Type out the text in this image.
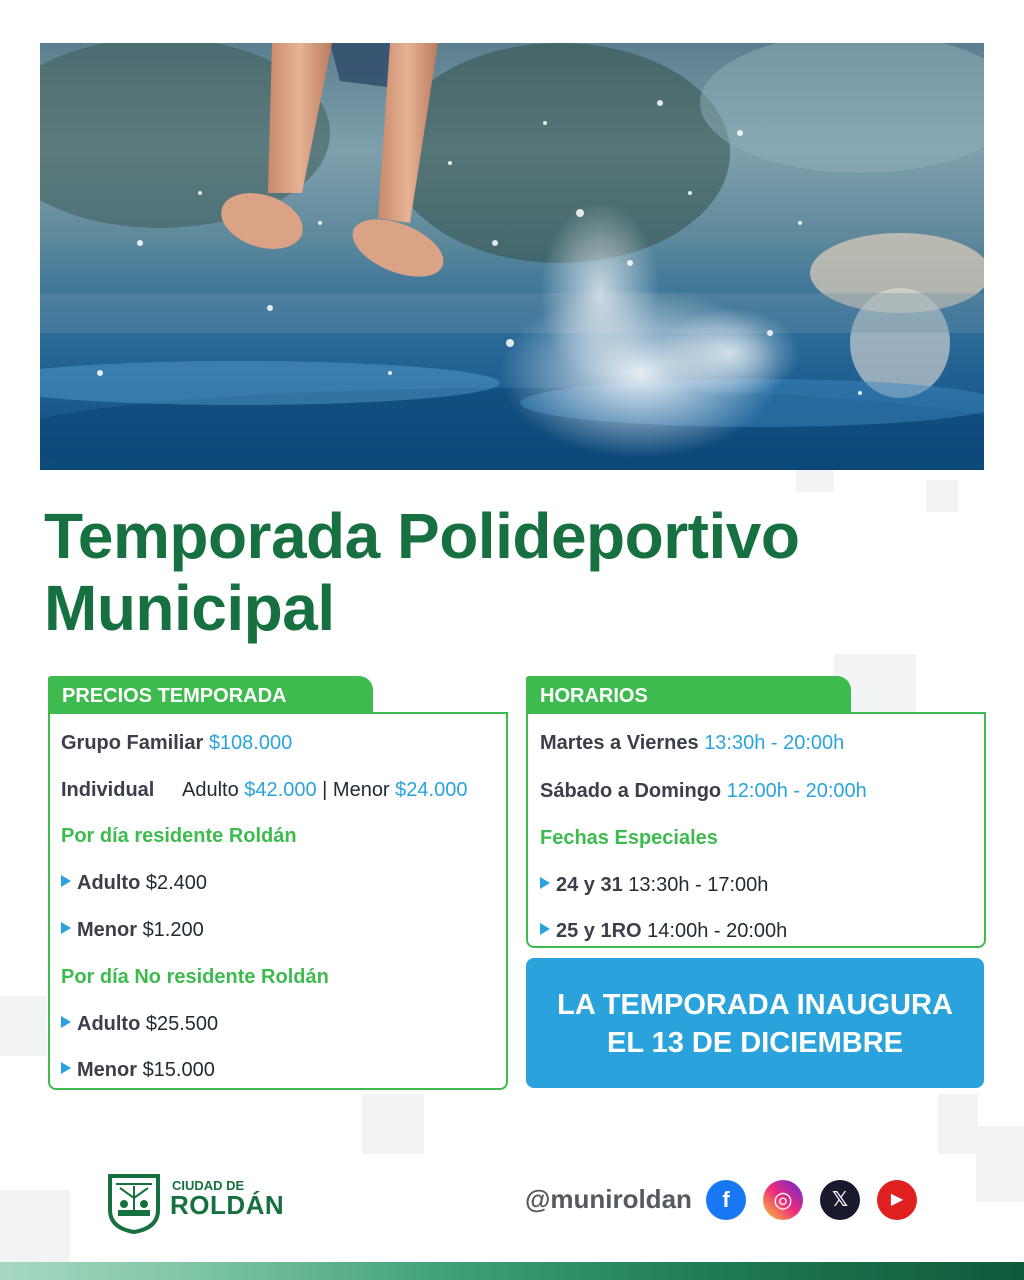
Temporada Polideportivo Municipal
PRECIOS TEMPORADA
Grupo Familiar $108.000
Individual Adulto $42.000 | Menor $24.000
Por día residente Roldán
Adulto $2.400
Menor $1.200
Por día No residente Roldán
Adulto $25.500
Menor $15.000
HORARIOS
Martes a Viernes 13:30h - 20:00h
Sábado a Domingo 12:00h - 20:00h
Fechas Especiales
24 y 31 13:30h - 17:00h
25 y 1RO 14:00h - 20:00h
LA TEMPORADA INAUGURA
EL 13 DE DICIEMBRE
CIUDAD DE
ROLDÁN	@muniroldan	f	◎	𝕏	▶
